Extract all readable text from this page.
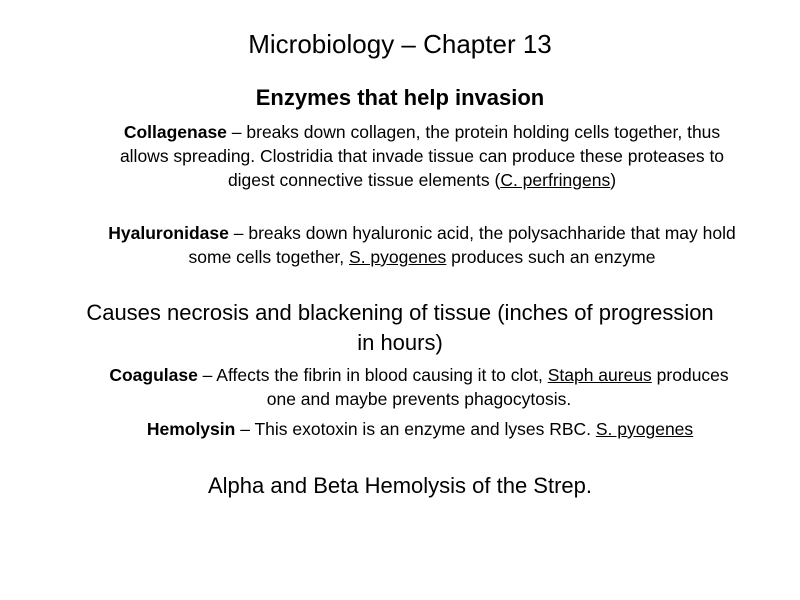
Microbiology – Chapter 13
Enzymes that help invasion
Collagenase – breaks down collagen, the protein holding cells together, thus allows spreading. Clostridia that invade tissue can produce these proteases to digest connective tissue elements (C. perfringens)
Hyaluronidase – breaks down hyaluronic acid, the polysachharide that may hold some cells together, S. pyogenes produces such an enzyme
Causes necrosis and blackening of tissue (inches of progression in hours)
Coagulase – Affects the fibrin in blood causing it to clot, Staph aureus produces one and maybe prevents phagocytosis.
Hemolysin – This exotoxin is an enzyme and lyses RBC. S. pyogenes
Alpha and Beta Hemolysis of the Strep.
